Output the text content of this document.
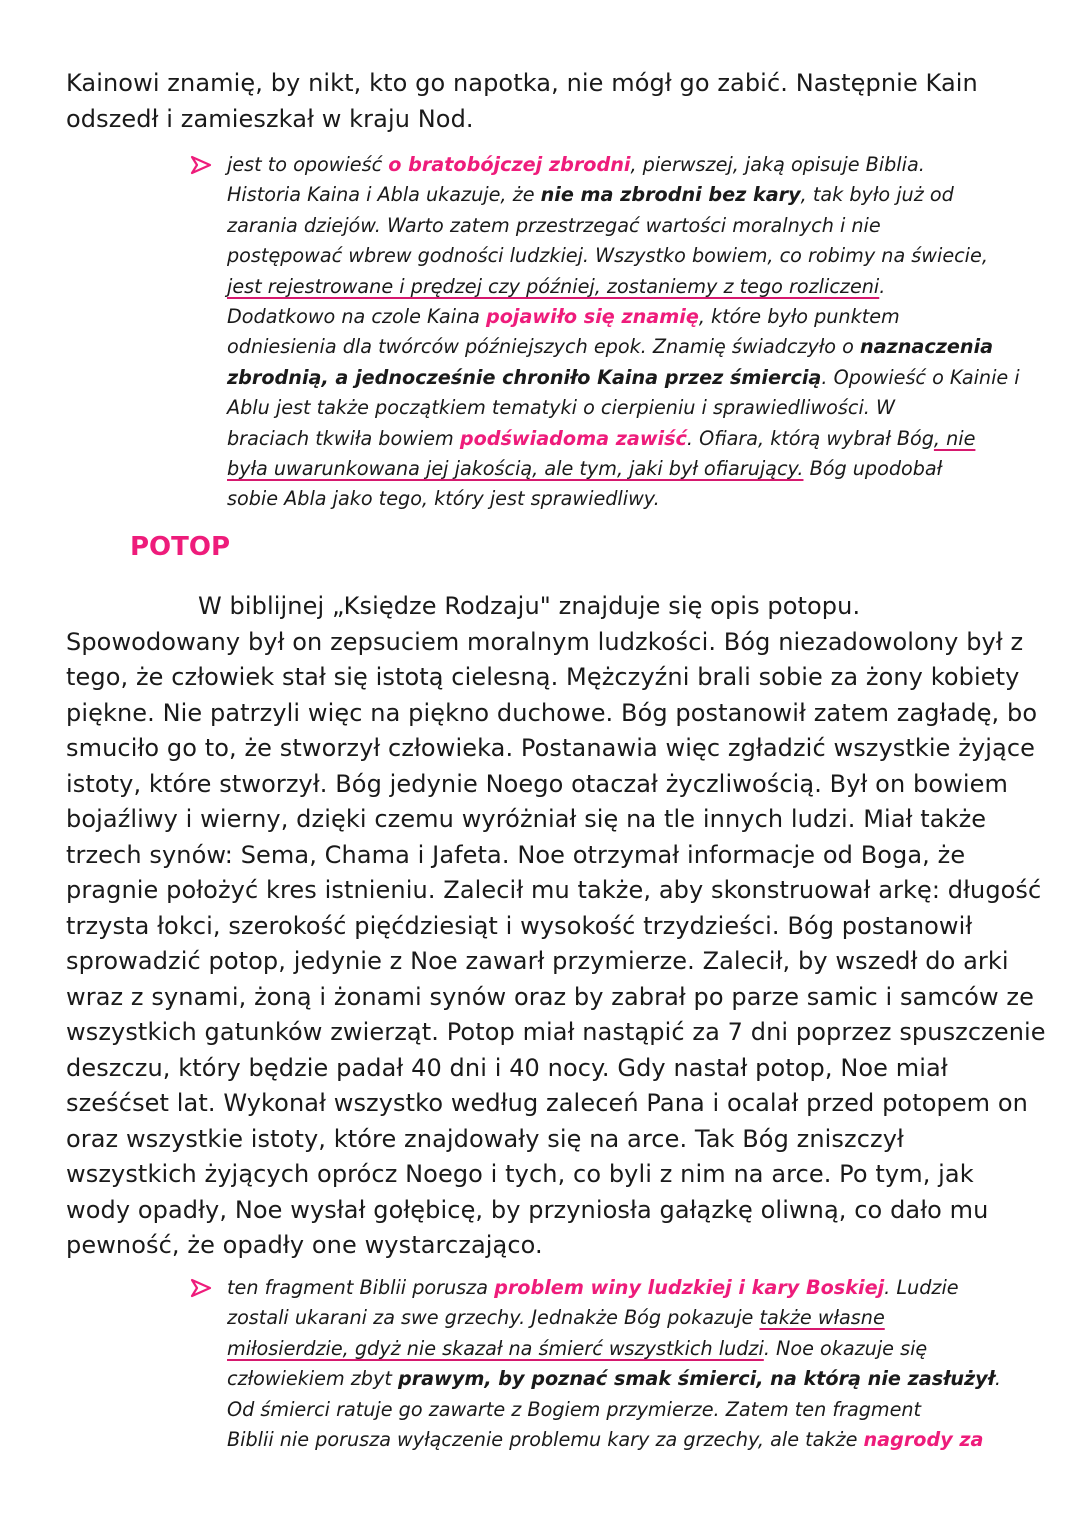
Kainowi znamię, by nikt, kto go napotka, nie mógł go zabić. Następnie Kain
odszedł i zamieszkał w kraju Nod.

jest to opowieść o bratobójczej zbrodni, pierwszej, jaką opisuje Biblia.
Historia Kaina i Abla ukazuje, że nie ma zbrodni bez kary, tak było już od
zarania dziejów. Warto zatem przestrzegać wartości moralnych i nie
postępować wbrew godności ludzkiej. Wszystko bowiem, co robimy na świecie,
jest rejestrowane i prędzej czy później, zostaniemy z tego rozliczeni.
Dodatkowo na czole Kaina pojawiło się znamię, które było punktem
odniesienia dla twórców późniejszych epok. Znamię świadczyło o naznaczenia
zbrodnią, a jednocześnie chroniło Kaina przez śmiercią. Opowieść o Kainie i
Ablu jest także początkiem tematyki o cierpieniu i sprawiedliwości. W
braciach tkwiła bowiem podświadoma zawiść. Ofiara, którą wybrał Bóg, nie
była uwarunkowana jej jakością, ale tym, jaki był ofiarujący. Bóg upodobał
sobie Abla jako tego, który jest sprawiedliwy.
POTOP

W biblijnej „Księdze Rodzaju" znajduje się opis potopu.
Spowodowany był on zepsuciem moralnym ludzkości. Bóg niezadowolony był z
tego, że człowiek stał się istotą cielesną. Mężczyźni brali sobie za żony kobiety
piękne. Nie patrzyli więc na piękno duchowe. Bóg postanowił zatem zagładę, bo
smuciło go to, że stworzył człowieka. Postanawia więc zgładzić wszystkie żyjące
istoty, które stworzył. Bóg jedynie Noego otaczał życzliwością. Był on bowiem
bojaźliwy i wierny, dzięki czemu wyróżniał się na tle innych ludzi. Miał także
trzech synów: Sema, Chama i Jafeta. Noe otrzymał informacje od Boga, że
pragnie położyć kres istnieniu. Zalecił mu także, aby skonstruował arkę: długość
trzysta łokci, szerokość pięćdziesiąt i wysokość trzydzieści. Bóg postanowił
sprowadzić potop, jedynie z Noe zawarł przymierze. Zalecił, by wszedł do arki
wraz z synami, żoną i żonami synów oraz by zabrał po parze samic i samców ze
wszystkich gatunków zwierząt. Potop miał nastąpić za 7 dni poprzez spuszczenie
deszczu, który będzie padał 40 dni i 40 nocy. Gdy nastał potop, Noe miał
sześćset lat. Wykonał wszystko według zaleceń Pana i ocalał przed potopem on
oraz wszystkie istoty, które znajdowały się na arce. Tak Bóg zniszczył
wszystkich żyjących oprócz Noego i tych, co byli z nim na arce. Po tym, jak
wody opadły, Noe wysłał gołębicę, by przyniosła gałązkę oliwną, co dało mu
pewność, że opadły one wystarczająco.

ten fragment Biblii porusza problem winy ludzkiej i kary Boskiej. Ludzie
zostali ukarani za swe grzechy. Jednakże Bóg pokazuje także własne
miłosierdzie, gdyż nie skazał na śmierć wszystkich ludzi. Noe okazuje się
człowiekiem zbyt prawym, by poznać smak śmierci, na którą nie zasłużył.
Od śmierci ratuje go zawarte z Bogiem przymierze. Zatem ten fragment
Biblii nie porusza wyłączenie problemu kary za grzechy, ale także nagrody za
